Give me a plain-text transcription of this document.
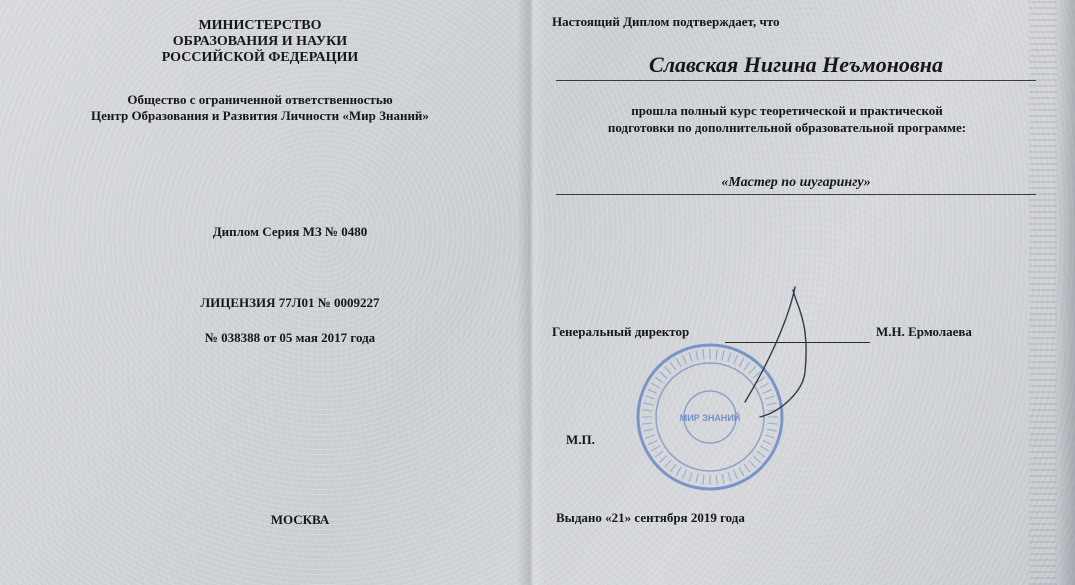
МИНИСТЕРСТВО
ОБРАЗОВАНИЯ И НАУКИ
РОССИЙСКОЙ ФЕДЕРАЦИИ
Общество с ограниченной ответственностью
Центр Образования и Развития Личности «Мир Знаний»
Диплом Серия МЗ № 0480
ЛИЦЕНЗИЯ 77Л01 № 0009227
№ 038388 от 05 мая 2017 года
МОСКВА
Настоящий Диплом подтверждает, что
Славская Нигина Неъмоновна
прошла полный курс теоретической и практической
подготовки по дополнительной образовательной программе:
«Мастер по шугарингу»
Генеральный директор	М.Н. Ермолаева
МИР ЗНАНИЙ
М.П.
Выдано «21» сентября 2019 года
